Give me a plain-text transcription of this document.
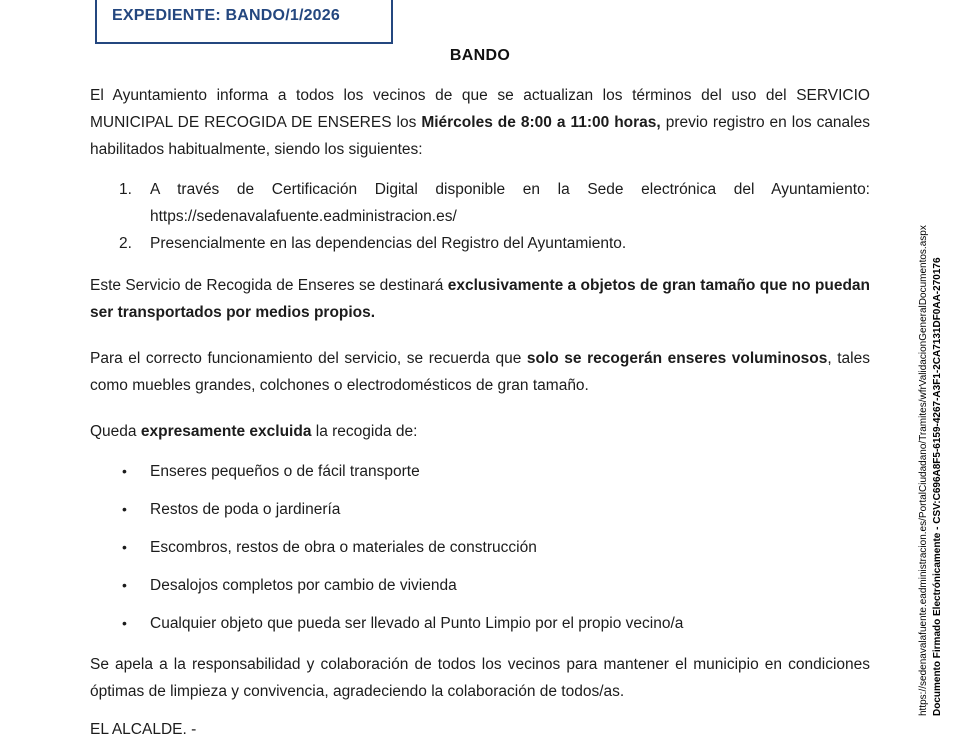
EXPEDIENTE: BANDO/1/2026
BANDO

El Ayuntamiento informa a todos los vecinos de que se actualizan los términos del uso del SERVICIO MUNICIPAL DE RECOGIDA DE ENSERES los Miércoles de 8:00 a 11:00 horas, previo registro en los canales habilitados habitualmente, siendo los siguientes:

1.	A través de Certificación Digital disponible en la Sede electrónica del Ayuntamiento: https://sedenavalafuente.eadministracion.es/
2.	Presencialmente en las dependencias del Registro del Ayuntamiento.

Este Servicio de Recogida de Enseres se destinará exclusivamente a objetos de gran tamaño que no puedan ser transportados por medios propios.

Para el correcto funcionamiento del servicio, se recuerda que solo se recogerán enseres voluminosos, tales como muebles grandes, colchones o electrodomésticos de gran tamaño.

Queda expresamente excluida la recogida de:

•	Enseres pequeños o de fácil transporte
•	Restos de poda o jardinería
•	Escombros, restos de obra o materiales de construcción
•	Desalojos completos por cambio de vivienda
•	Cualquier objeto que pueda ser llevado al Punto Limpio por el propio vecino/a

Se apela a la responsabilidad y colaboración de todos los vecinos para mantener el municipio en condiciones óptimas de limpieza y convivencia, agradeciendo la colaboración de todos/as.

EL ALCALDE. -

https://sedenavalafuente.eadministracion.es/PortalCiudadano/Tramites/wfrValidacionGeneralDocumentos.aspx Documento Firmado Electrónicamente - CSV:C696A8F5-6159-4267-A3F1-2CA7131DF0AA-270176
